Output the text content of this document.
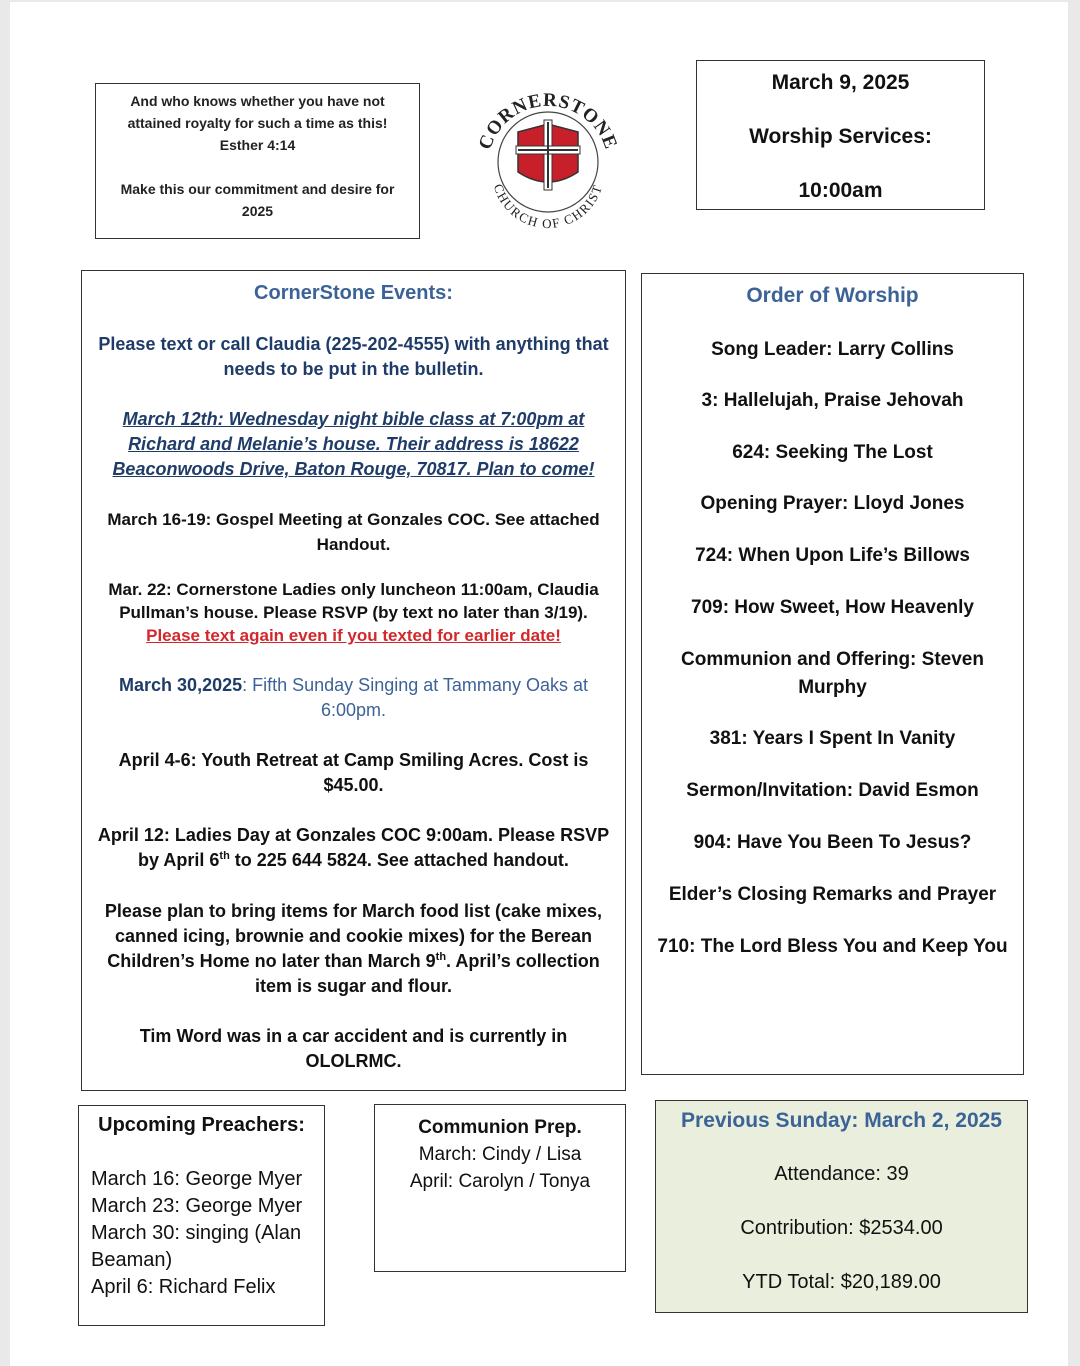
And who knows whether you have not attained royalty for such a time as this!

Esther 4:14

Make this our commitment and desire for 2025

CORNERSTONE
CHURCH OF CHRIST

March 9, 2025

Worship Services:

10:00am

CornerStone Events:
Please text or call Claudia (225-202-4555) with anything that needs to be put in the bulletin.
March 12th: Wednesday night bible class at 7:00pm at Richard and Melanie’s house. Their address is 18622 Beaconwoods Drive, Baton Rouge, 70817. Plan to come!
March 16-19: Gospel Meeting at Gonzales COC. See attached Handout.
Mar. 22: Cornerstone Ladies only luncheon 11:00am, Claudia Pullman’s house. Please RSVP (by text no later than 3/19).
Please text again even if you texted for earlier date!
March 30,2025: Fifth Sunday Singing at Tammany Oaks at 6:00pm.
April 4-6: Youth Retreat at Camp Smiling Acres. Cost is $45.00.
April 12: Ladies Day at Gonzales COC 9:00am. Please RSVP by April 6th to 225 644 5824. See attached handout.
Please plan to bring items for March food list (cake mixes, canned icing, brownie and cookie mixes) for the Berean Children’s Home no later than March 9th. April’s collection item is sugar and flour.
Tim Word was in a car accident and is currently in OLOLRMC.
Order of Worship
Song Leader: Larry Collins
3: Hallelujah, Praise Jehovah
624: Seeking The Lost
Opening Prayer: Lloyd Jones
724: When Upon Life’s Billows
709: How Sweet, How Heavenly
Communion and Offering: Steven Murphy
381: Years I Spent In Vanity
Sermon/Invitation: David Esmon
904: Have You Been To Jesus?
Elder’s Closing Remarks and Prayer
710: The Lord Bless You and Keep You
Upcoming Preachers:
March 16: George Myer
March 23: George Myer
March 30: singing (Alan Beaman)
April 6: Richard Felix
Communion Prep.
March: Cindy / Lisa
April: Carolyn / Tonya
Previous Sunday: March 2, 2025
Attendance: 39
Contribution: $2534.00
YTD Total: $20,189.00
